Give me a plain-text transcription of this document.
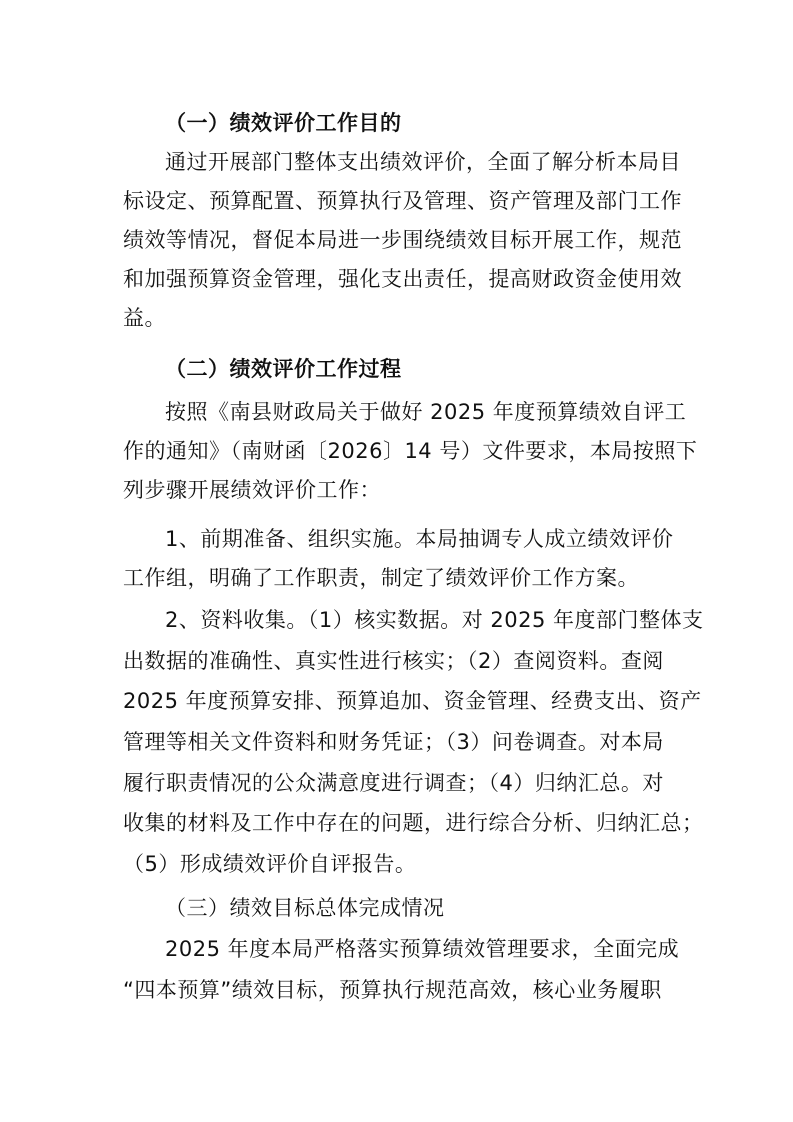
（一）绩效评价工作目的
通过开展部门整体支出绩效评价，全面了解分析本局目
标设定、预算配置、预算执行及管理、资产管理及部门工作
绩效等情况，督促本局进一步围绕绩效目标开展工作，规范
和加强预算资金管理，强化支出责任，提高财政资金使用效
益。
（二）绩效评价工作过程
按照《南县财政局关于做好 2025 年度预算绩效自评工
作的通知》（南财函〔2026〕14 号）文件要求，本局按照下
列步骤开展绩效评价工作：
1、前期准备、组织实施。本局抽调专人成立绩效评价
工作组，明确了工作职责，制定了绩效评价工作方案。
2、资料收集。（1）核实数据。对 2025 年度部门整体支
出数据的准确性、真实性进行核实；（2）查阅资料。查阅
2025 年度预算安排、预算追加、资金管理、经费支出、资产
管理等相关文件资料和财务凭证；（3）问卷调查。对本局
履行职责情况的公众满意度进行调查；（4）归纳汇总。对
收集的材料及工作中存在的问题，进行综合分析、归纳汇总；
（5）形成绩效评价自评报告。
（三）绩效目标总体完成情况
2025 年度本局严格落实预算绩效管理要求，全面完成
“四本预算”绩效目标，预算执行规范高效，核心业务履职
